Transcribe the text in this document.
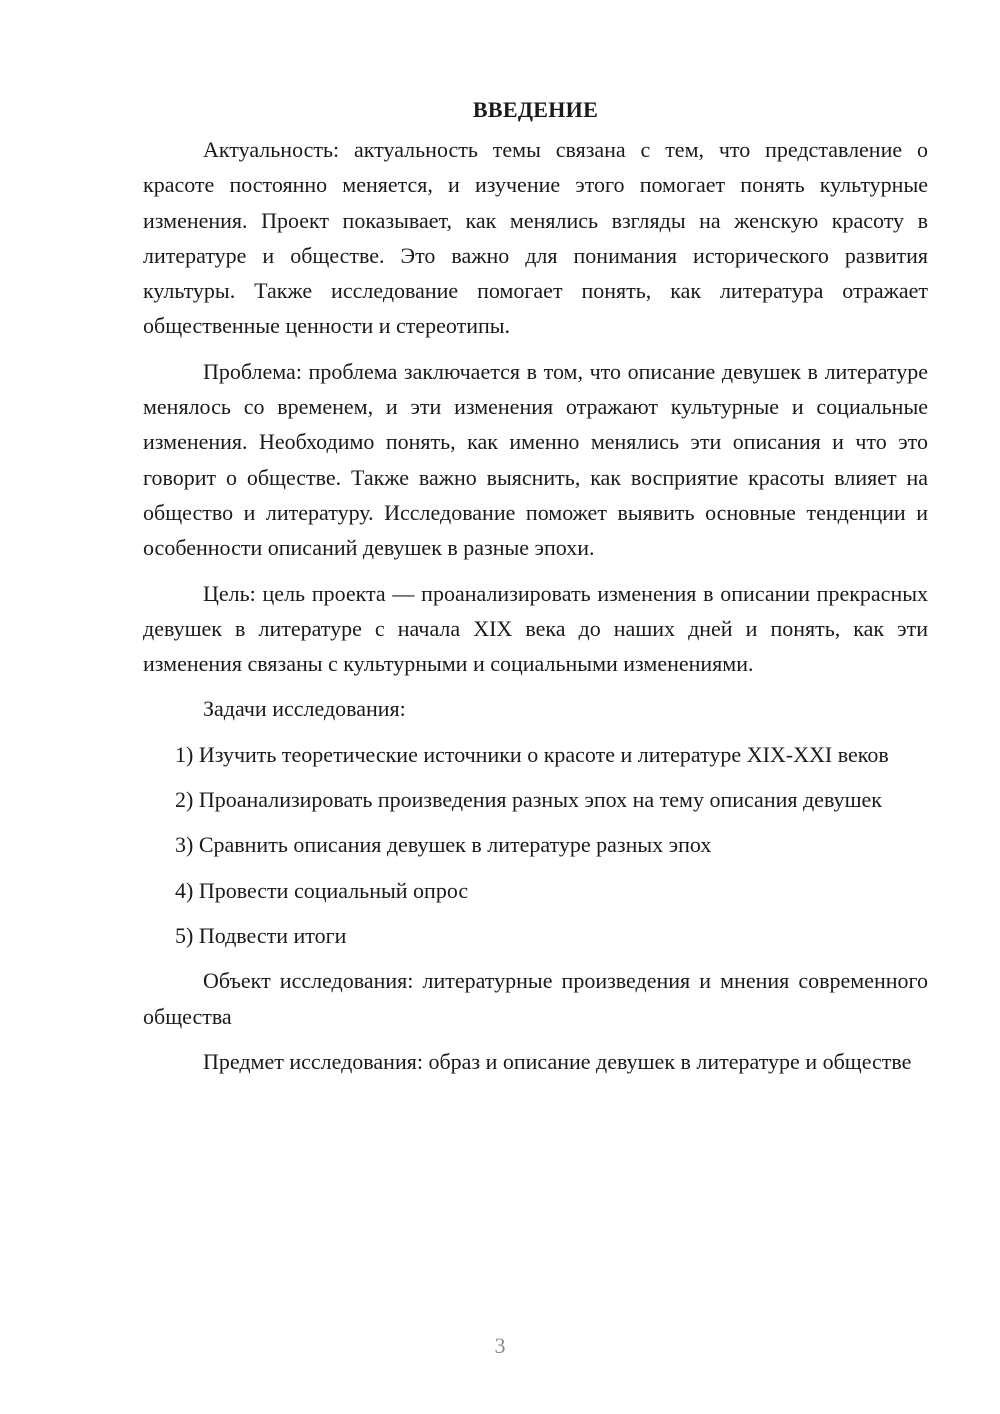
ВВЕДЕНИЕ

Актуальность: актуальность темы связана с тем, что представление о красоте постоянно меняется, и изучение этого помогает понять культурные изменения. Проект показывает, как менялись взгляды на женскую красоту в литературе и обществе. Это важно для понимания исторического развития культуры. Также исследование помогает понять, как литература отражает общественные ценности и стереотипы.

Проблема: проблема заключается в том, что описание девушек в литературе менялось со временем, и эти изменения отражают культурные и социальные изменения. Необходимо понять, как именно менялись эти описания и что это говорит о обществе. Также важно выяснить, как восприятие красоты влияет на общество и литературу. Исследование поможет выявить основные тенденции и особенности описаний девушек в разные эпохи.

Цель: цель проекта — проанализировать изменения в описании прекрасных девушек в литературе с начала XIX века до наших дней и понять, как эти изменения связаны с культурными и социальными изменениями.

Задачи исследования:

1) Изучить теоретические источники о красоте и литературе XIX-XXI веков

2) Проанализировать произведения разных эпох на тему описания девушек

3) Сравнить описания девушек в литературе разных эпох

4) Провести социальный опрос

5) Подвести итоги

Объект исследования: литературные произведения и мнения современного общества

Предмет исследования: образ и описание девушек в литературе и обществе

3
